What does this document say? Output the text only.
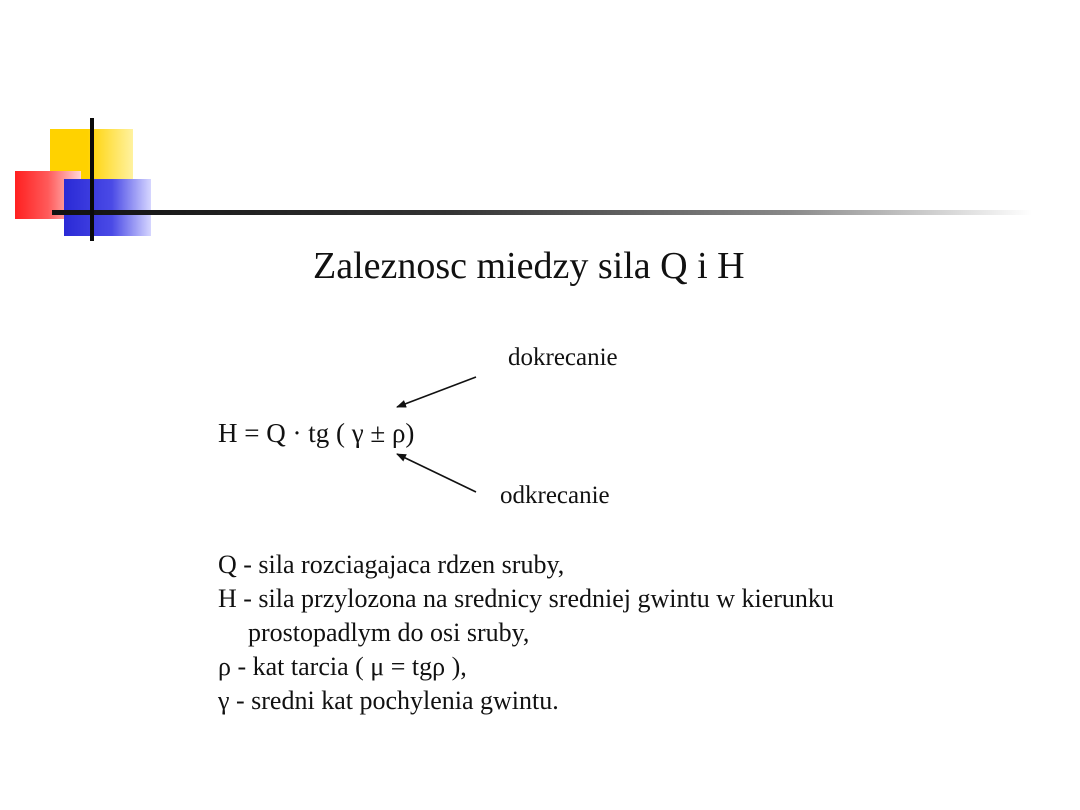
Zaleznosc miedzy sila Q i H
dokrecanie
H = Q · tg ( γ ± ρ)
odkrecanie
Q - sila rozciagajaca rdzen sruby,
H - sila przylozona na srednicy sredniej gwintu w kierunku
prostopadlym do osi sruby,
ρ - kat tarcia ( μ = tgρ ),
γ - sredni kat pochylenia gwintu.
